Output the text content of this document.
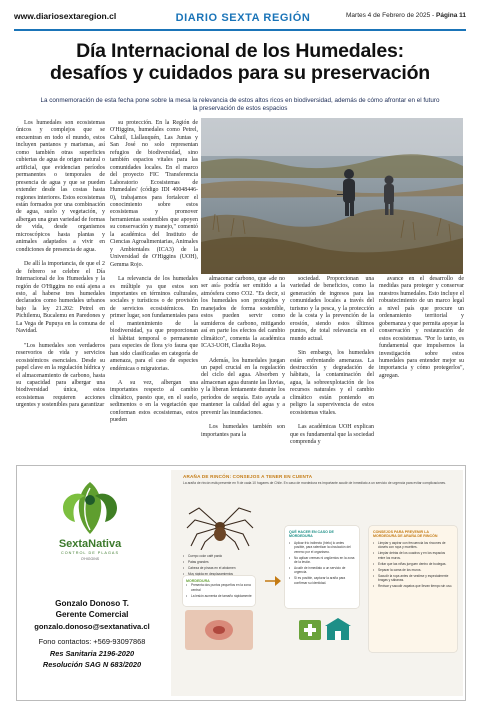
www.diariosextaregion.cl	DIARIO SEXTA REGIÓN	Martes 4 de Febrero de 2025 - Página 11
Día Internacional de los Humedales:
desafíos y cuidados para su preservación
La conmemoración de esta fecha pone sobre la mesa la relevancia de estos altos ricos en biodiversidad, además de cómo afrontar en el futuro la preservación de estos espacios

Los humedales son ecosistemas únicos y complejos que se encuentran en todo el mundo, estos incluyen pantanos y marismas, así como también otras superficies cubiertas de agua de origen natural o artificial, que evidencian períodos permanentes o temporales de presencia de agua y que se pueden extender desde las costas hasta regiones interiores. Estos ecosistemas están formados por una combinación de agua, suelo y vegetación, y albergan una gran variedad de formas de vida, desde organismos microscópicos hasta plantas y animales adaptados a vivir en condiciones de presencia de agua.

De allí la importancia, de que el 2 de febrero se celebre el Día Internacional de los Humedales y la región de O'Higgins no está ajena a esto, al haberse tres humedales declarados como humedales urbanos bajo la ley 21.202: Petrel en Pichilemu, Bucalemu en Paredones y La Vega de Pupuya en la comuna de Navidad.

"Los humedales son verdaderos reservorios de vida y servicios ecosistémicos esenciales. Desde su papel clave en la regulación hídrica y el almacenamiento de carbono, hasta su capacidad para albergar una biodiversidad única, estos ecosistemas requieren acciones urgentes y sostenibles para garantizar

su protección. En la Región de O'Higgins, humedales como Petrel, Cahuil, Llallauquén, Las Juntas y San José no solo representan refugios de biodiversidad, sino también espacios vitales para las comunidades locales. En el marco del proyecto FIC 'Transferencia Laboratorio Ecosistemas de Humedales' (código IDI 40048446-0), trabajamos para fortalecer el conocimiento sobre estos ecosistemas y promover herramientas sostenibles que apoyen su conservación y manejo," comentó la académica del Instituto de Ciencias Agroalimentarias, Animales y Ambientales (ICA3) de la Universidad de O'Higgins (UOH), Gemma Rojo.

La relevancia de los humedales es múltiple ya que estos son importantes en términos culturales, sociales y turísticos o de provisión de servicios ecosistémicos. En primer lugar, son fundamentales para el mantenimiento de la biodiversidad, ya que proporcionan el hábitat temporal o permanente para especies de flora y/o fauna que han sido clasificadas en categoría de amenaza, para el caso de especies endémicas o migratorias.

A su vez, albergan una importantes respecto al cambio climático, puesto que, en el suelo, sedimentos o en la vegetación que conforman estos ecosistemas, estos pueden

almacenar carbono, que «de no ser así» podría ser emitido a la atmósfera como CO2. "Es decir, si los humedales son protegidos y manejados de forma sostenible, estos pueden servir como sumideros de carbono, mitigando así en parte los efectos del cambio climático", comenta la académica ICA3-UOH, Claudia Rojas.

Además, los humedales juegan un papel crucial en la regulación del ciclo del agua. Absorben y almacenan agua durante las lluvias, y la liberan lentamente durante los períodos de sequía. Esto ayuda a mantener la calidad del agua y a prevenir las inundaciones.

Los humedales también son importantes para la

sociedad. Proporcionan una variedad de beneficios, como la generación de ingresos para las comunidades locales a través del turismo y la pesca, y la protección de la costa y la prevención de la erosión, siendo estos últimos puntos, de total relevancia en el mundo actual.

Sin embargo, los humedales están enfrentando amenazas. La destrucción y degradación de hábitats, la contaminación del agua, la sobreexplotación de los recursos naturales y el cambio climático están poniendo en peligro la supervivencia de estos ecosistemas vitales.

Las académicas UOH explican que es fundamental que la sociedad comprenda y

avance en el desarrollo de medidas para proteger y conservar nuestros humedales. Esto incluye el robustecimiento de un marco legal a nivel país que procure un ordenamiento territorial y gobernanza y que permita apoyar la conservación y restauración de estos ecosistemas. "Por lo tanto, es fundamental que impulsemos la investigación sobre estos humedales para entender mejor su importancia y cómo protegerlos", agregan.

SextaNativa
CONTROL DE PLAGAS
O'HIGGINS
Gonzalo Donoso T.
Gerente Comercial
gonzalo.donoso@sextanativa.cl
Fono contactos: +569-93097868
Res Sanitaria 2196-2020
Resolución SAG N 683/2020
ARAÑA DE RINCÓN: CONSEJOS A TENER EN CUENTA
La araña de rincón está presente en 9 de cada 10 hogares de Chile. En caso de mordedura es importante acudir de inmediato a un servicio de urgencia para evitar complicaciones.
• Cuerpo color café pardo
• Patas grandes
• Cabeza de pinzas en el abdomen
• Muy rápida en desplazamientos
MORDEDURA
• Presenta dos puntos pequeños en la zona central
• La lesión aumenta de tamaño rápidamente
QUÉ HACER EN CASO DE MORDEDURA
• Aplicar frío indirecto (hielo) lo antes posible, para ralentizar la circulación del veneno por el organismo.
• No aplicar cremas ni ungüentos en la zona de la lesión.
• Acudir de inmediato a un servicio de urgencia.
• Si es posible, capturar la araña para confirmar su identidad.
CONSEJOS PARA PREVENIR LA MORDEDURA DE ARAÑA DE RINCÓN
• Limpiar y aspirar con frecuencia los rincones de closets con ropa y muebles.
• Limpiar detrás de los cuadros y en los espacios entre los muros.
• Evitar que las niñas jueguen dentro de bodegas.
• Separar la cama de los muros.
• Sacudir la ropa antes de vestirse y especialmente bragas y sábanas.
• Revisar y sacudir zapatos que llevan tiempo sin uso.
